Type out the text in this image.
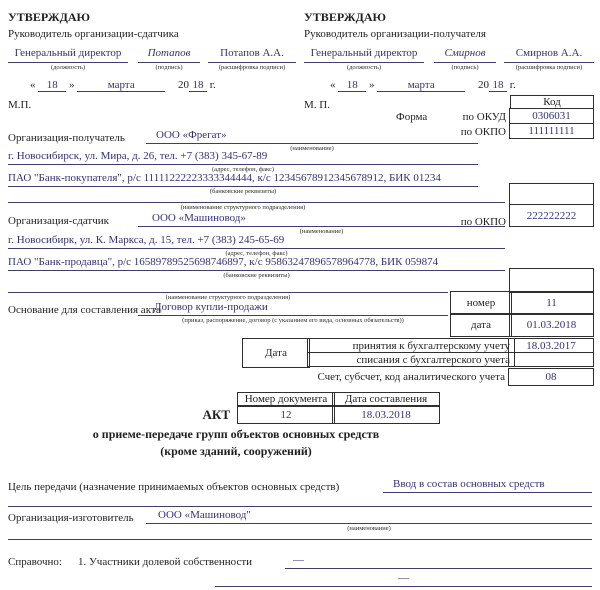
УТВЕРЖДАЮ
Руководитель организации-сдатчика
Генеральный директор	Потапов	Потапов А.А.
(должность)	(подпись)	(расшифровка подписи)
« 18 »	марта	20 18 г.
М.П.
УТВЕРЖДАЮ
Руководитель организации-получателя
Генеральный директор	Смирнов	Смирнов А.А.
(должность)	(подпись)	(расшифровка подписи)
« 18 »	марта	20 18 г.
М. П.	Код
Форма	по ОКУД	0306031
по ОКПО	111111111
Организация-получатель	ООО «Фрегат»
(наименование)
г. Новосибирск, ул. Мира, д. 26, тел. +7 (383) 345-67-89
(адрес, телефон, факс)
ПАО "Банк-покупателя", р/с 11111222223333344444, к/с 12345678912345678912, БИК 01234
(банковские реквизиты)
(наименование структурного подразделения)
Организация-сдатчик	ООО «Машиновод»	по ОКПО
222222222
(наименование)
г. Новосибирк, ул. К. Маркса, д. 15, тел. +7 (383) 245-65-69
(адрес, телефон, факс)
ПАО "Банк-продавца", р/с 16589789525698746897, к/с 95863247896578964778, БИК 059874
(банковские реквизиты)
(наименование структурного подразделения)
Основание для составления акта
Договор купли-продажи
(приказ, распоряжение, договор (с указанием его вида, основных обязательств))
номер	11
дата	01.03.2018
Дата
принятия к бухгалтерскому учету	18.03.2017
списания с бухгалтерского учета
Счет, субсчет, код аналитического учета	08
Номер документа	Дата составления
12	18.03.2018
АКТ
о приеме-передаче групп объектов основных средств
(кроме зданий, сооружений)
Цель передачи (назначение принимаемых объектов основных средств)	Ввод в состав основных средств
Организация-изготовитель	ООО «Машиновод"
(наименование)
Справочно: 1. Участники долевой собственности	—
—
